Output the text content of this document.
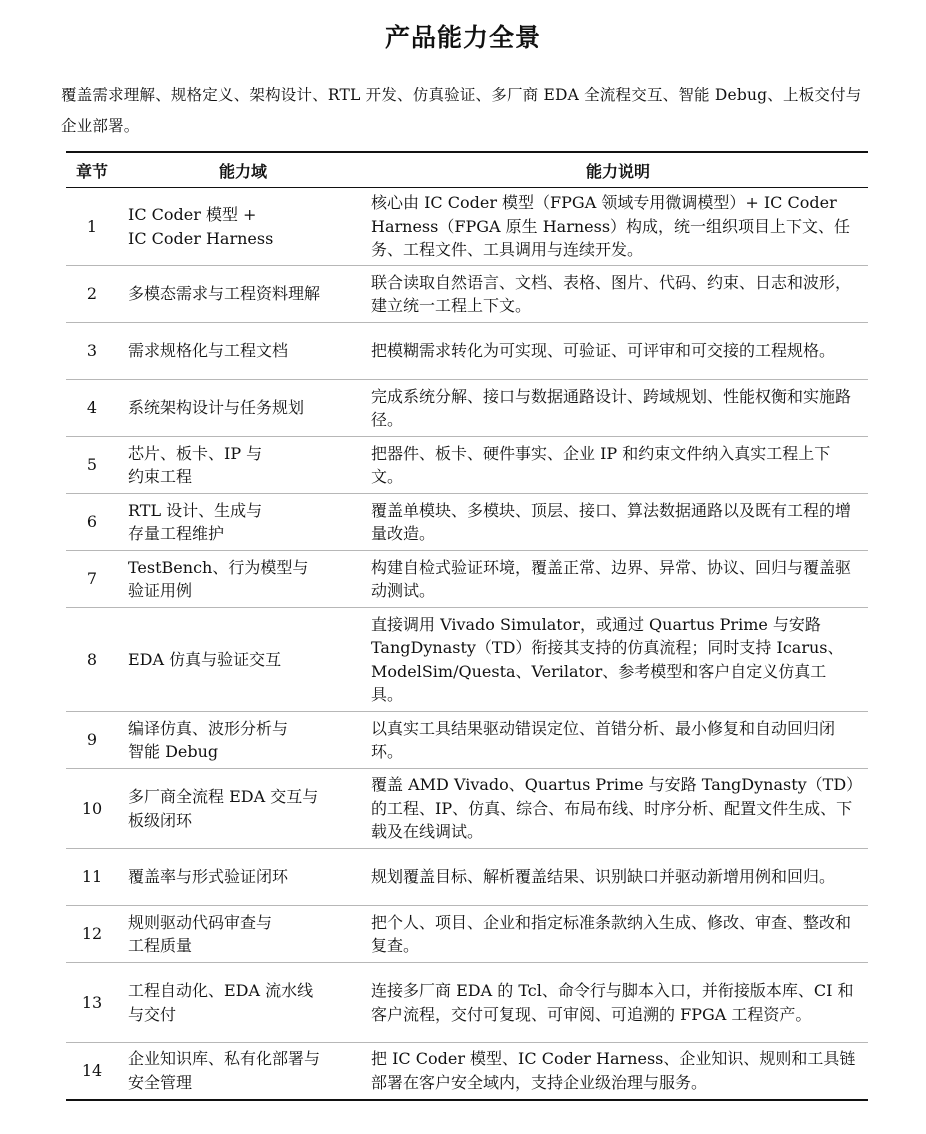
产品能力全景
覆盖需求理解、规格定义、架构设计、RTL 开发、仿真验证、多厂商 EDA 全流程交互、智能 Debug、上板交付与企业部署。
章节	能力域	能力说明
1	IC Coder 模型 +
IC Coder Harness	核心由 IC Coder 模型（FPGA 领域专用微调模型）+ IC Coder Harness（FPGA 原生 Harness）构成，统一组织项目上下文、任务、工程文件、工具调用与连续开发。
2	多模态需求与工程资料理解	联合读取自然语言、文档、表格、图片、代码、约束、日志和波形，建立统一工程上下文。
3	需求规格化与工程文档	把模糊需求转化为可实现、可验证、可评审和可交接的工程规格。
4	系统架构设计与任务规划	完成系统分解、接口与数据通路设计、跨域规划、性能权衡和实施路径。
5	芯片、板卡、IP 与
约束工程	把器件、板卡、硬件事实、企业 IP 和约束文件纳入真实工程上下文。
6	RTL 设计、生成与
存量工程维护	覆盖单模块、多模块、顶层、接口、算法数据通路以及既有工程的增量改造。
7	TestBench、行为模型与
验证用例	构建自检式验证环境，覆盖正常、边界、异常、协议、回归与覆盖驱动测试。
8	EDA 仿真与验证交互	直接调用 Vivado Simulator，或通过 Quartus Prime 与安路 TangDynasty（TD）衔接其支持的仿真流程；同时支持 Icarus、ModelSim/Questa、Verilator、参考模型和客户自定义仿真工具。
9	编译仿真、波形分析与
智能 Debug	以真实工具结果驱动错误定位、首错分析、最小修复和自动回归闭环。
10	多厂商全流程 EDA 交互与
板级闭环	覆盖 AMD Vivado、Quartus Prime 与安路 TangDynasty（TD）的工程、IP、仿真、综合、布局布线、时序分析、配置文件生成、下载及在线调试。
11	覆盖率与形式验证闭环	规划覆盖目标、解析覆盖结果、识别缺口并驱动新增用例和回归。
12	规则驱动代码审查与
工程质量	把个人、项目、企业和指定标准条款纳入生成、修改、审查、整改和复查。
13	工程自动化、EDA 流水线
与交付	连接多厂商 EDA 的 Tcl、命令行与脚本入口，并衔接版本库、CI 和客户流程，交付可复现、可审阅、可追溯的 FPGA 工程资产。
14	企业知识库、私有化部署与
安全管理	把 IC Coder 模型、IC Coder Harness、企业知识、规则和工具链部署在客户安全域内，支持企业级治理与服务。
